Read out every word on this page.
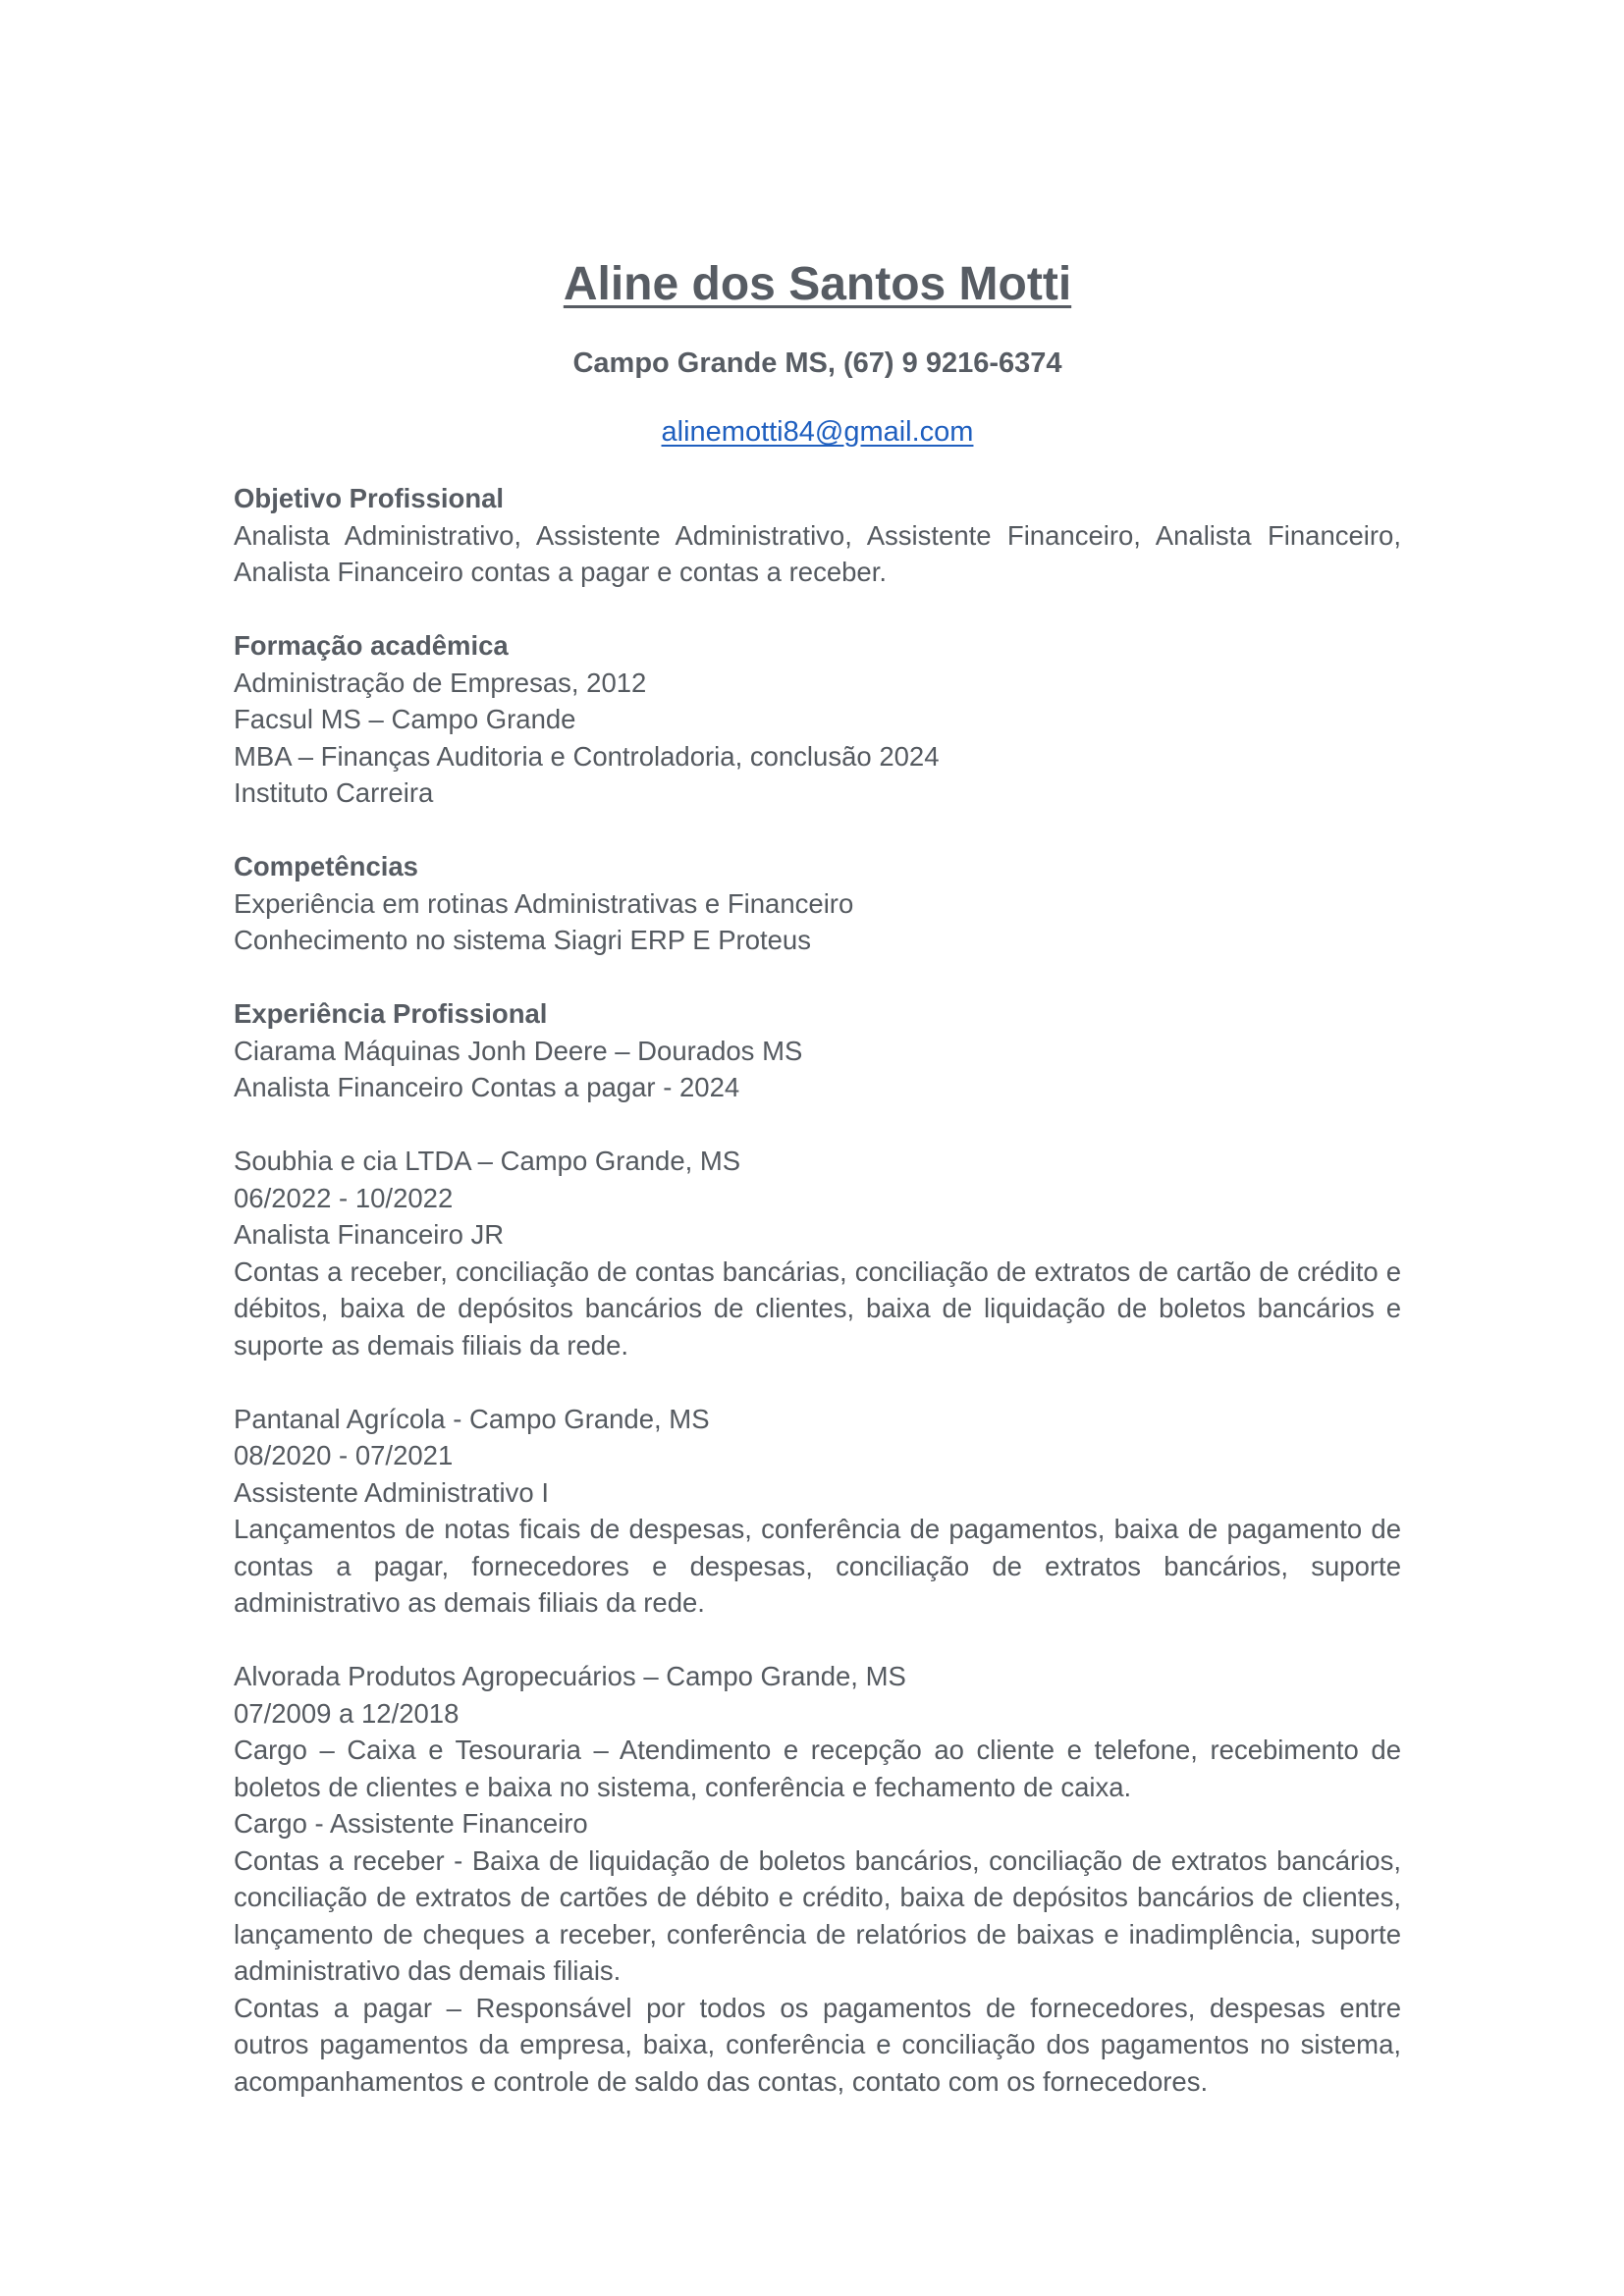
Aline dos Santos Motti
Campo Grande MS, (67) 9 9216-6374
alinemotti84@gmail.com
Objetivo Profissional
Analista Administrativo, Assistente Administrativo, Assistente Financeiro, Analista Financeiro, Analista Financeiro contas a pagar e contas a receber.
Formação acadêmica
Administração de Empresas, 2012
Facsul MS – Campo Grande
MBA – Finanças Auditoria e Controladoria, conclusão 2024
Instituto Carreira
Competências
Experiência em rotinas Administrativas e Financeiro
Conhecimento no sistema Siagri ERP E Proteus
Experiência Profissional
Ciarama Máquinas Jonh Deere – Dourados MS
Analista Financeiro Contas a pagar - 2024
Soubhia e cia LTDA – Campo Grande, MS
06/2022 - 10/2022
Analista Financeiro JR
Contas a receber, conciliação de contas bancárias, conciliação de extratos de cartão de crédito e débitos, baixa de depósitos bancários de clientes, baixa de liquidação de boletos bancários e suporte as demais filiais da rede.
Pantanal Agrícola - Campo Grande, MS
08/2020 - 07/2021
Assistente Administrativo I
Lançamentos de notas ficais de despesas, conferência de pagamentos, baixa de pagamento de contas a pagar, fornecedores e despesas, conciliação de extratos bancários, suporte administrativo as demais filiais da rede.
Alvorada Produtos Agropecuários – Campo Grande, MS
07/2009 a 12/2018
Cargo – Caixa e Tesouraria – Atendimento e recepção ao cliente e telefone, recebimento de boletos de clientes e baixa no sistema, conferência e fechamento de caixa.
Cargo - Assistente Financeiro
Contas a receber - Baixa de liquidação de boletos bancários, conciliação de extratos bancários, conciliação de extratos de cartões de débito e crédito, baixa de depósitos bancários de clientes, lançamento de cheques a receber, conferência de relatórios de baixas e inadimplência, suporte administrativo das demais filiais.
Contas a pagar – Responsável por todos os pagamentos de fornecedores, despesas entre outros pagamentos da empresa, baixa, conferência e conciliação dos pagamentos no sistema, acompanhamentos e controle de saldo das contas, contato com os fornecedores.
